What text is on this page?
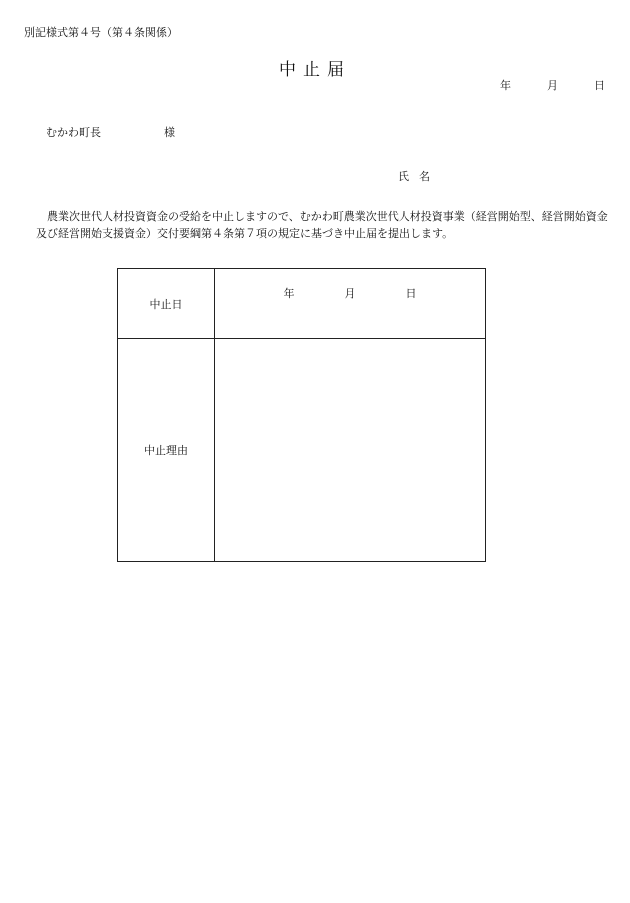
別記様式第４号（第４条関係）
中止届
年	月	日
むかわ町長	様
氏名
農業次世代人材投資資金の受給を中止しますので、むかわ町農業次世代人材投資事業（経営開始型、経営開始資金及び経営開始支援資金）交付要綱第４条第７項の規定に基づき中止届を提出します。
中止日	年 月 日
中止理由	
